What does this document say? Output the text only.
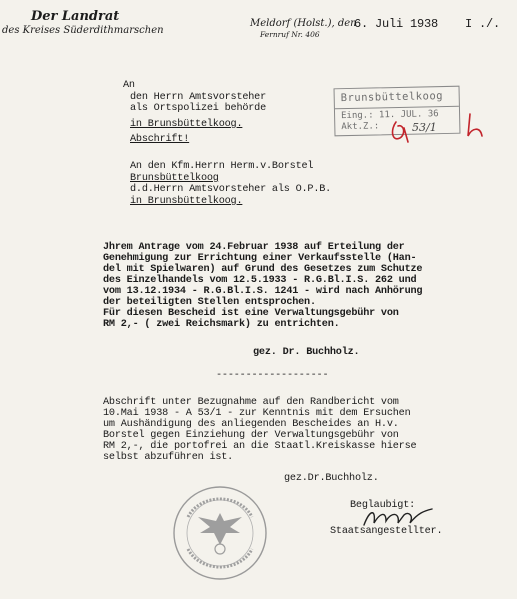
Der Landrat
des Kreises Süderdithmarschen
Meldorf (Holst.), den
Fernruf Nr. 406
6. Juli 1938 I ./.
An
den Herrn Amtsvorsteher
als Ortspolizei behörde
in Brunsbüttelkoog.
Abschrift!
Brunsbüttelkoog
Eing.: 11. JUL. 36
Akt.Z.:	53/1
An den Kfm.Herrn Herm.v.Borstel
Brunsbüttelkoog
d.d.Herrn Amtsvorsteher als O.P.B.
in Brunsbüttelkoog.
Jhrem Antrage vom 24.Februar 1938 auf Erteilung der
Genehmigung zur Errichtung einer Verkaufsstelle (Han-
del mit Spielwaren) auf Grund des Gesetzes zum Schutze
des Einzelhandels vom 12.5.1933 - R.G.Bl.I.S. 262 und
vom 13.12.1934 - R.G.Bl.I.S. 1241 - wird nach Anhörung
der beteiligten Stellen entsprochen.
Für diesen Bescheid ist eine Verwaltungsgebühr von
RM 2,- ( zwei Reichsmark) zu entrichten.
gez. Dr. Buchholz.
-------------------
Abschrift unter Bezugnahme auf den Randbericht vom
10.Mai 1938 - A 53/1 - zur Kenntnis mit dem Ersuchen
um Aushändigung des anliegenden Bescheides an H.v.
Borstel gegen Einziehung der Verwaltungsgebühr von
RM 2,-, die portofrei an die Staatl.Kreiskasse hierse
selbst abzuführen ist.
gez.Dr.Buchholz.
Beglaubigt:
Staatsangestellter.
